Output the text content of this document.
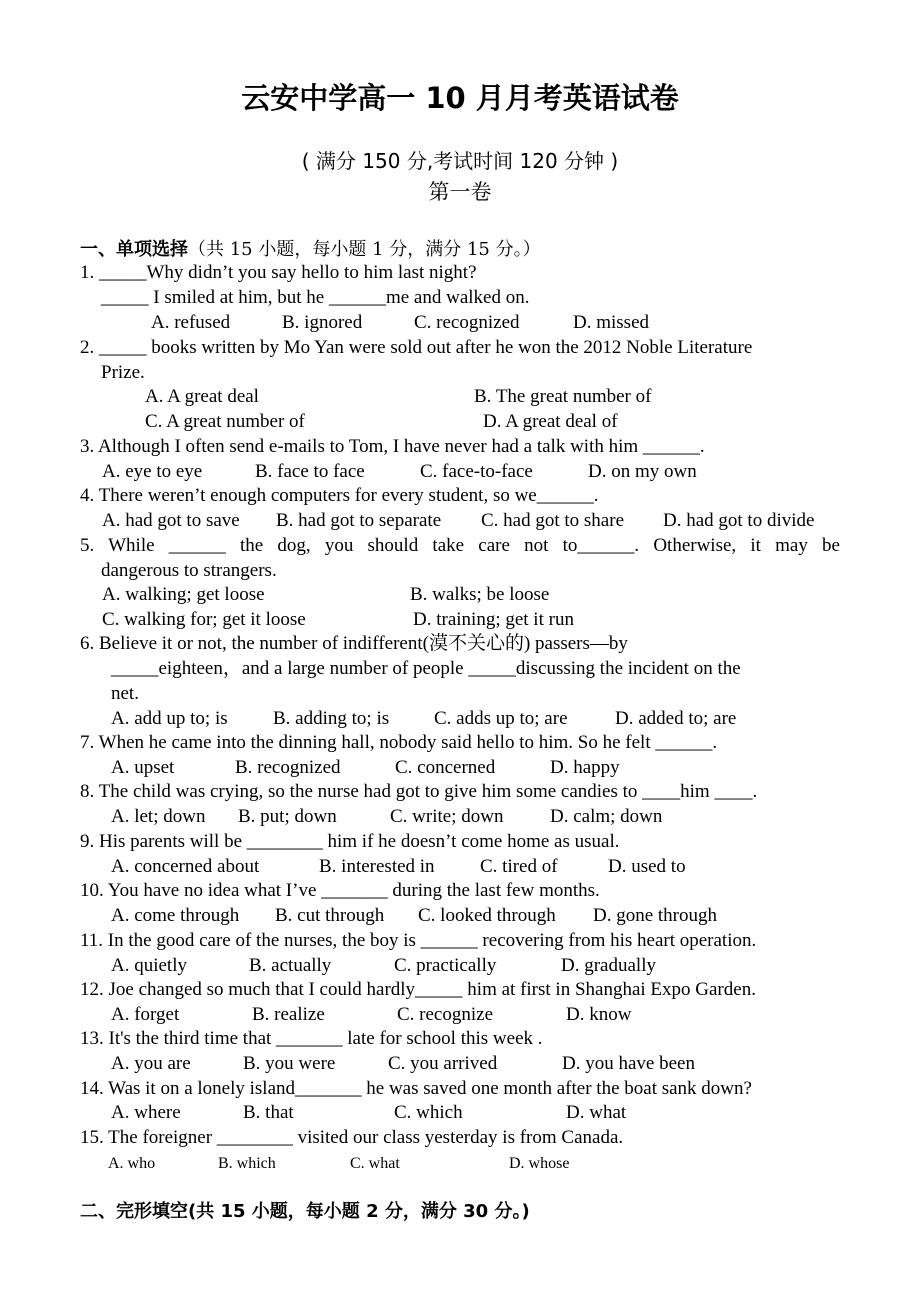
云安中学高一 10 月月考英语试卷
( 满分 150 分,考试时间 120 分钟 )
第一卷
一、单项选择（共 15 小题，每小题 1 分，满分 15 分。）
1. _____Why didn’t you say hello to him last night?
_____ I smiled at him, but he ______me and walked on.
A. refused	B. ignored	C. recognized	D. missed
2. _____ books written by Mo Yan were sold out after he won the 2012 Noble Literature
Prize.
A. A great deal	B. The great number of
C. A great number of	D. A great deal of
3. Although I often send e-mails to Tom, I have never had a talk with him ______.
A. eye to eye	B. face to face	C. face-to-face	D. on my own
4. There weren’t enough computers for every student, so we______.
A. had got to save B. had got to separate C. had got to share D. had got to divide
5. While ______ the dog, you should take care not to______. Otherwise, it may be
dangerous to strangers.
A. walking; get loose	B. walks; be loose
C. walking for; get it loose	D. training; get it run
6. Believe it or not, the number of indifferent(漠不关心的) passers—by
_____eighteen，and a large number of people _____discussing the incident on the
net.
A. add up to; is B. adding to; is C. adds up to; are D. added to; are
7. When he came into the dinning hall, nobody said hello to him. So he felt ______.
A. upset	B. recognized	C. concerned	D. happy
8. The child was crying, so the nurse had got to give him some candies to ____him ____.
A. let; down B. put; down	C. write; down D. calm; down
9. His parents will be ________ him if he doesn’t come home as usual.
A. concerned about	B. interested in C. tired of	D. used to
10. You have no idea what I’ve _______ during the last few months.
A. come through B. cut through C. looked through D. gone through
11. In the good care of the nurses, the boy is ______ recovering from his heart operation.
A. quietly	B. actually	C. practically	D. gradually
12. Joe changed so much that I could hardly_____ him at first in Shanghai Expo Garden.
A. forget	B. realize	C. recognize	D. know
13. It's the third time that _______ late for school this week .
A. you are	B. you were	C. you arrived	D. you have been
14. Was it on a lonely island_______ he was saved one month after the boat sank down?
A. where	B. that	C. which	D. what
15. The foreigner ________ visited our class yesterday is from Canada.
A. who	B. which	C. what	D. whose
二、完形填空(共 15 小题，每小题 2 分，满分 30 分。)
